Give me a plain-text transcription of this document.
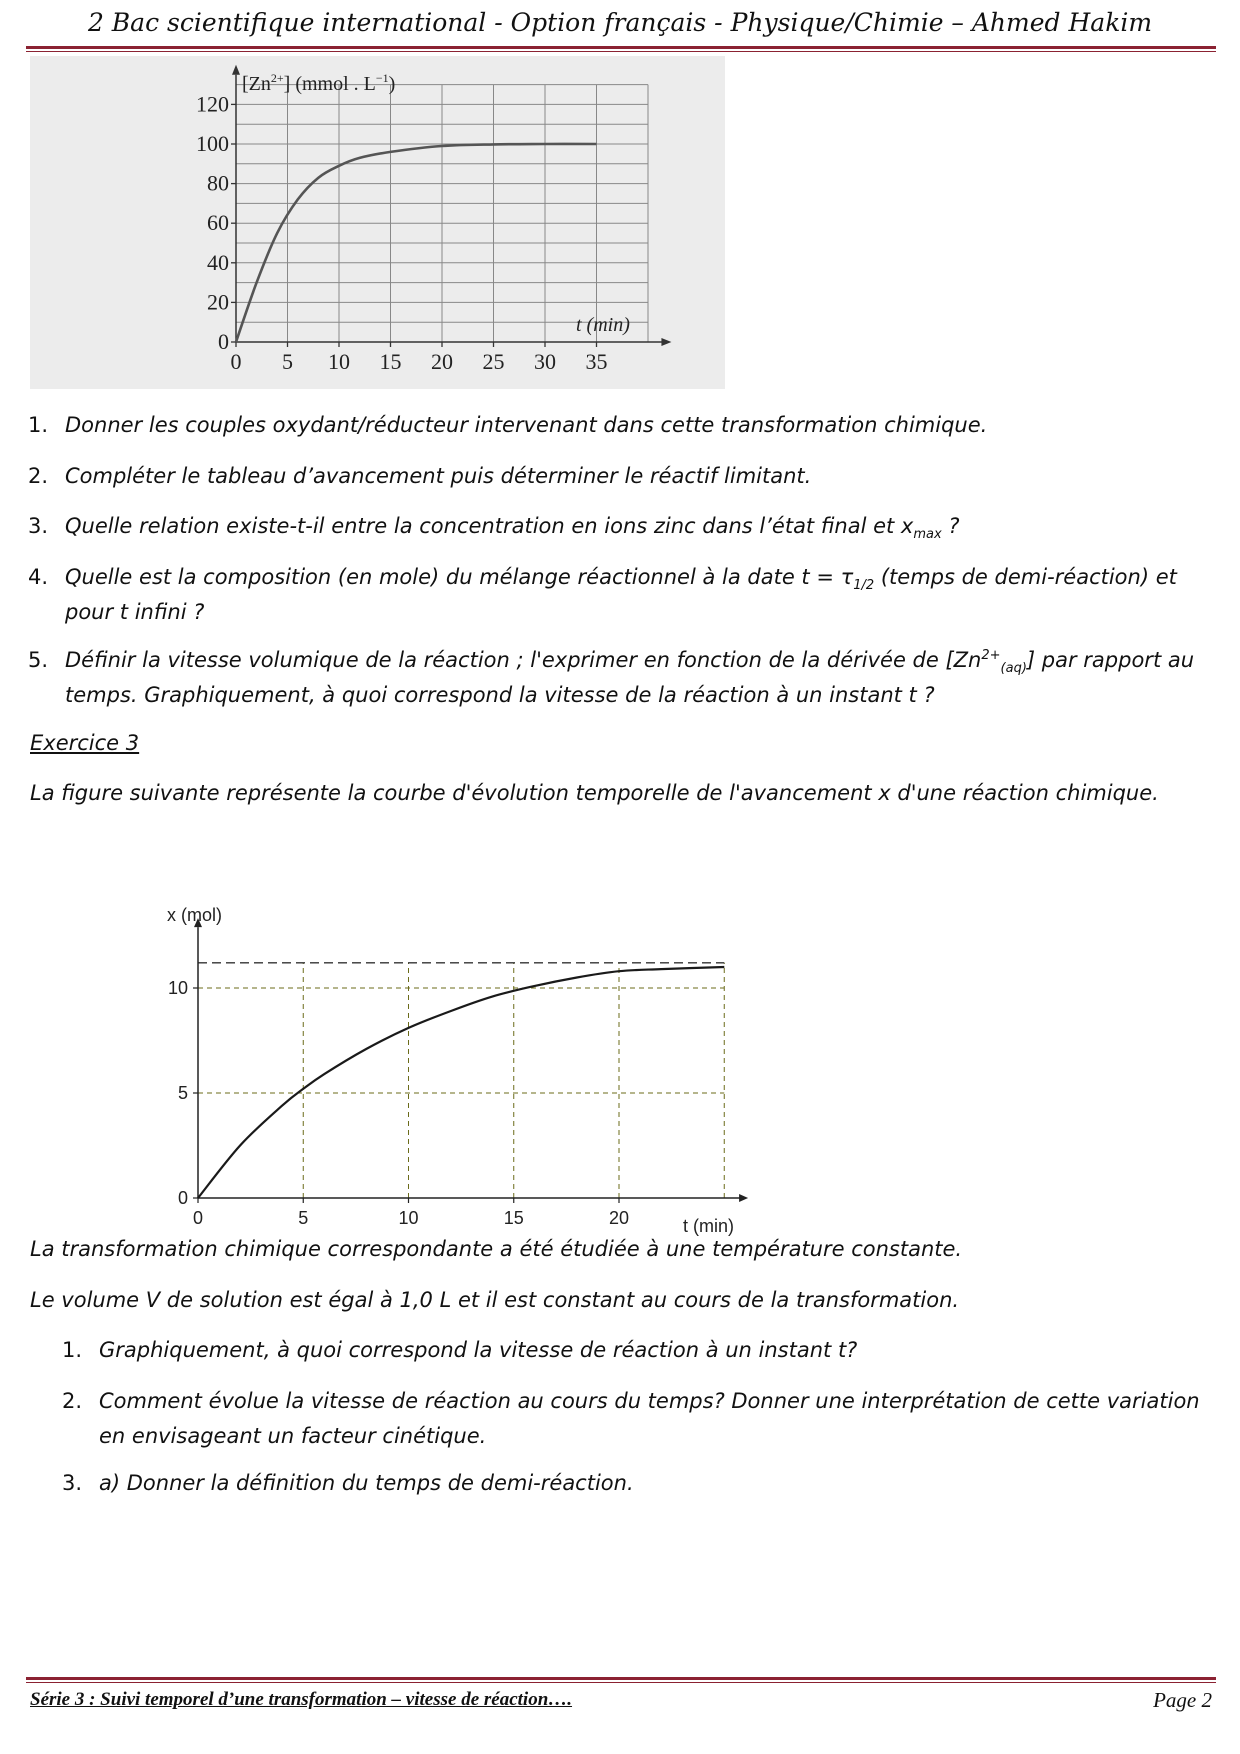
2 Bac scientifique international - Option français - Physique/Chimie – Ahmed Hakim
0 5 10 15 20 25 30 35
0
20
40
60
80
100
120
$[Zn^{2+}]$ (mmol . $L^{-1}$)
t (min)
1. Donner les couples oxydant/réducteur intervenant dans cette transformation chimique.
2. Compléter le tableau d’avancement puis déterminer le réactif limitant.
3. Quelle relation existe-t-il entre la concentration en ions zinc dans l’état final et $x_{max}$ ?
4. Quelle est la composition (en mole) du mélange réactionnel à la date $t = \tau_{1/2}$ (temps de demi-réaction) et pour t infini ?
5. Définir la vitesse volumique de la réaction ; l'exprimer en fonction de la dérivée de $[Zn^{2+}_{(aq)}]$ par rapport au temps. Graphiquement, à quoi correspond la vitesse de la réaction à un instant t ?
Exercice 3
La figure suivante représente la courbe d'évolution temporelle de l'avancement x d'une réaction chimique.
0	5	10	15	20
0
5
10
x (mol)
t (min)
La transformation chimique correspondante a été étudiée à une température constante.
Le volume V de solution est égal à 1,0 L et il est constant au cours de la transformation.
1. Graphiquement, à quoi correspond la vitesse de réaction à un instant t?
2. Comment évolue la vitesse de réaction au cours du temps? Donner une interprétation de cette variation en envisageant un facteur cinétique.
3. a) Donner la définition du temps de demi-réaction.
Série 3 : Suivi temporel d’une transformation – vitesse de réaction….	Page 2
